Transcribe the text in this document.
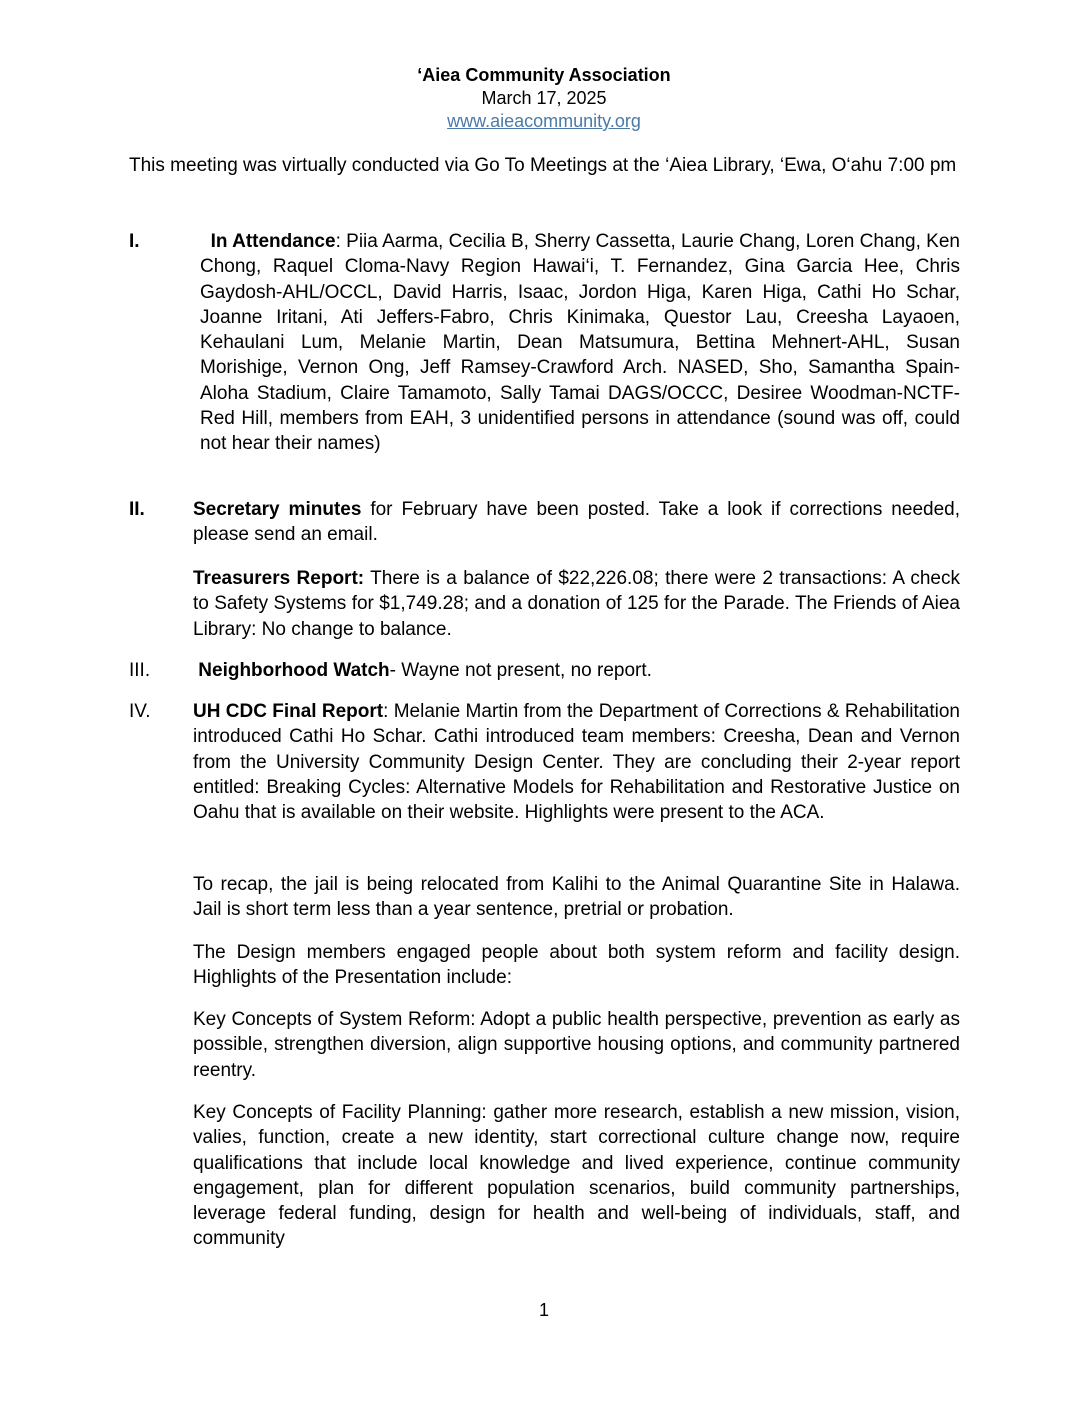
‘Aiea Community Association
March 17, 2025
www.aieacommunity.org
This meeting was virtually conducted via Go To Meetings at the ‘Aiea Library, ‘Ewa, O‘ahu 7:00 pm
I.	In Attendance: Piia Aarma, Cecilia B, Sherry Cassetta, Laurie Chang, Loren Chang, Ken Chong, Raquel Cloma-Navy Region Hawai‘i, T. Fernandez, Gina Garcia Hee, Chris Gaydosh-AHL/OCCL, David Harris, Isaac, Jordon Higa, Karen Higa, Cathi Ho Schar, Joanne Iritani, Ati Jeffers-Fabro, Chris Kinimaka, Questor Lau, Creesha Layaoen, Kehaulani Lum, Melanie Martin, Dean Matsumura, Bettina Mehnert-AHL, Susan Morishige, Vernon Ong, Jeff Ramsey-Crawford Arch. NASED, Sho, Samantha Spain-Aloha Stadium, Claire Tamamoto, Sally Tamai DAGS/OCCC, Desiree Woodman-NCTF-Red Hill, members from EAH, 3 unidentified persons in attendance (sound was off, could not hear their names)
II.	Secretary minutes for February have been posted. Take a look if corrections needed, please send an email.
Treasurers Report: There is a balance of $22,226.08; there were 2 transactions: A check to Safety Systems for $1,749.28; and a donation of 125 for the Parade. The Friends of Aiea Library: No change to balance.
III.	Neighborhood Watch- Wayne not present, no report.
IV. UH CDC Final Report: Melanie Martin from the Department of Corrections & Rehabilitation introduced Cathi Ho Schar. Cathi introduced team members: Creesha, Dean and Vernon from the University Community Design Center. They are concluding their 2-year report entitled: Breaking Cycles: Alternative Models for Rehabilitation and Restorative Justice on Oahu that is available on their website. Highlights were present to the ACA.
To recap, the jail is being relocated from Kalihi to the Animal Quarantine Site in Halawa. Jail is short term less than a year sentence, pretrial or probation.
The Design members engaged people about both system reform and facility design. Highlights of the Presentation include:
Key Concepts of System Reform: Adopt a public health perspective, prevention as early as possible, strengthen diversion, align supportive housing options, and community partnered reentry.
Key Concepts of Facility Planning: gather more research, establish a new mission, vision, valies, function, create a new identity, start correctional culture change now, require qualifications that include local knowledge and lived experience, continue community engagement, plan for different population scenarios, build community partnerships, leverage federal funding, design for health and well-being of individuals, staff, and community
1
